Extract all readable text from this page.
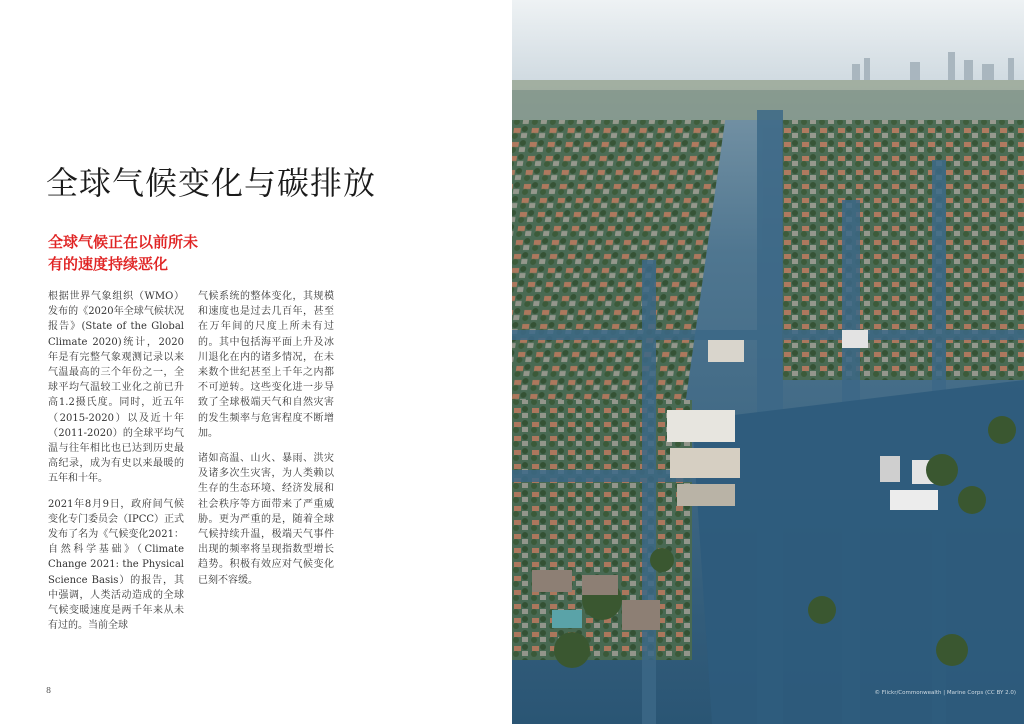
全球气候变化与碳排放
全球气候正在以前所未有的速度持续恶化

根据世界气象组织（WMO）发布的《2020年全球气候状况报告》(State of the Global Climate 2020)统计，2020年是有完整气象观测记录以来气温最高的三个年份之一，全球平均气温较工业化之前已升高1.2摄氏度。同时，近五年（2015-2020）以及近十年（2011-2020）的全球平均气温与往年相比也已达到历史最高纪录，成为有史以来最暖的五年和十年。

2021年8月9日，政府间气候变化专门委员会（IPCC）正式发布了名为《气候变化2021：自然科学基础》（Climate Change 2021: the Physical Science Basis）的报告，其中强调，人类活动造成的全球气候变暖速度是两千年来从未有过的。当前全球

气候系统的整体变化，其规模和速度也是过去几百年，甚至在万年间的尺度上所未有过的。其中包括海平面上升及冰川退化在内的诸多情况，在未来数个世纪甚至上千年之内都不可逆转。这些变化进一步导致了全球极端天气和自然灾害的发生频率与危害程度不断增加。

诸如高温、山火、暴雨、洪灾及诸多次生灾害，为人类赖以生存的生态环境、经济发展和社会秩序等方面带来了严重威胁。更为严重的是，随着全球气候持续升温，极端天气事件出现的频率将呈现指数型增长趋势。积极有效应对气候变化已刻不容缓。

8	© Flickr/Commonwealth | Marine Corps (CC BY 2.0)
